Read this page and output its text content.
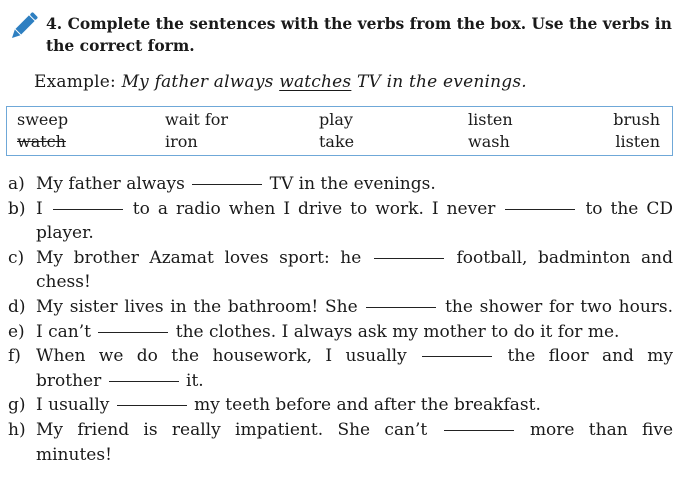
4. Complete the sentences with the verbs from the box. Use the verbs in the correct form.
Example: My father always watches TV in the evenings.
sweep	wait for	play	listen	brush
watch	iron	take	wash	listen
a) My father always	TV in the evenings.
b) I	to a radio when I drive to work. I never	to the CD
player.
c) My brother Azamat loves sport: he	football, badminton and
chess!
d) My sister lives in the bathroom! She	the shower for two hours.
e) I can’t	the clothes. I always ask my mother to do it for me.
f) When we do the housework, I usually	the floor and my
brother	it.
g) I usually	my teeth before and after the breakfast.
h) My friend is really impatient. She can’t	more than five
minutes!
